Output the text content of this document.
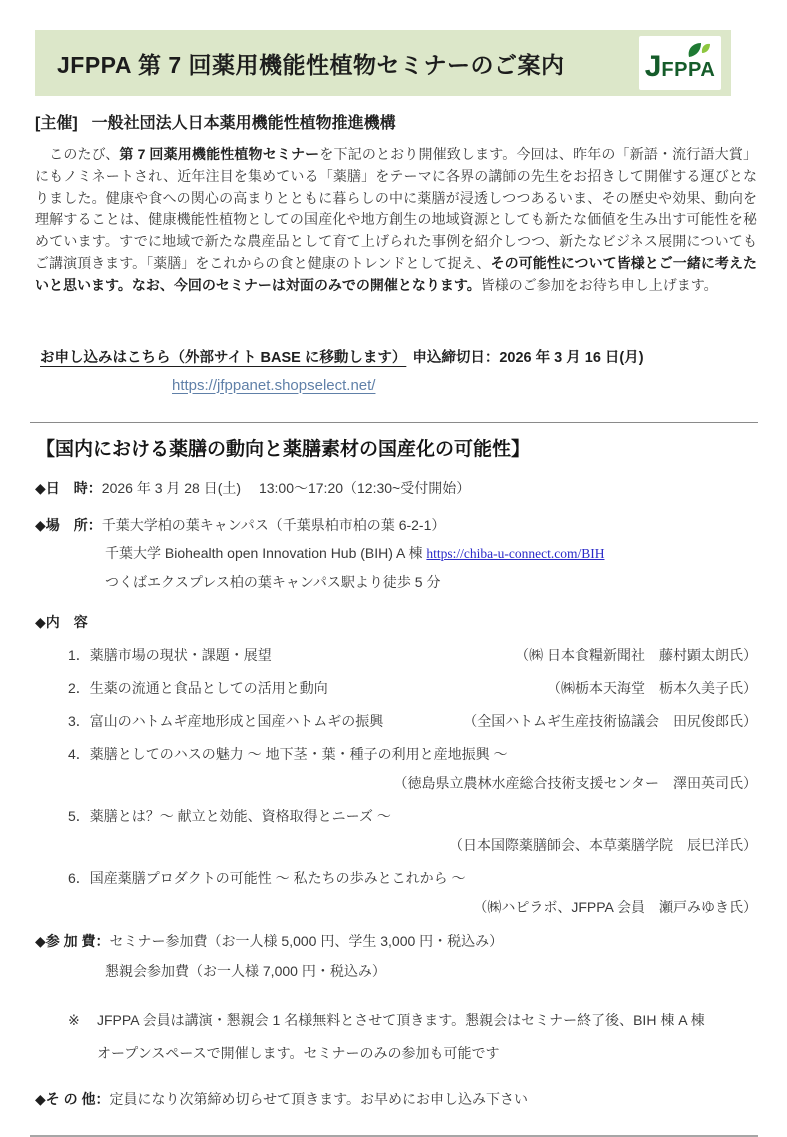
JFPPA 第 7 回薬用機能性植物セミナーのご案内	JFPPA
[主催] 一般社団法人日本薬用機能性植物推進機構

　このたび、第 7 回薬用機能性植物セミナーを下記のとおり開催致します。今回は、昨年の「新語・流行語大賞」にもノミネートされ、近年注目を集めている「薬膳」をテーマに各界の講師の先生をお招きして開催する運びとなりました。健康や食への関心の高まりとともに暮らしの中に薬膳が浸透しつつあるいま、その歴史や効果、動向を理解することは、健康機能性植物としての国産化や地方創生の地域資源としても新たな価値を生み出す可能性を秘めています。すでに地域で新たな農産品として育て上げられた事例を紹介しつつ、新たなビジネス展開についてもご講演頂きます。「薬膳」をこれからの食と健康のトレンドとして捉え、その可能性について皆様とご一緒に考えたいと思います。なお、今回のセミナーは対面のみでの開催となります。皆様のご参加をお待ち申し上げます。

お申し込みはこちら（外部サイト BASE に移動します） 申込締切日：2026 年 3 月 16 日(月)
https://jfppanet.shopselect.net/
【国内における薬膳の動向と薬膳素材の国産化の可能性】
◆日　時：2026 年 3 月 28 日(土)　 13:00～17:20（12:30~受付開始）
◆場　所：千葉大学柏の葉キャンパス（千葉県柏市柏の葉 6-2-1）
千葉大学 Biohealth open Innovation Hub (BIH) A 棟 https://chiba-u-connect.com/BIH
つくばエクスプレス柏の葉キャンパス駅より徒歩 5 分
◆内　容
1．薬膳市場の現状・課題・展望	（㈱ 日本食糧新聞社　藤村顕太朗氏）
2．生薬の流通と食品としての活用と動向	（㈱栃本天海堂　栃本久美子氏）
3．富山のハトムギ産地形成と国産ハトムギの振興	（全国ハトムギ生産技術協議会　田尻俊郎氏）
4．薬膳としてのハスの魅力 ～ 地下茎・葉・種子の利用と産地振興 ～
（徳島県立農林水産総合技術支援センター　澤田英司氏）
5．薬膳とは？～ 献立と効能、資格取得とニーズ ～
（日本国際薬膳師会、本草薬膳学院　辰巳洋氏）
6．国産薬膳プロダクトの可能性 ～ 私たちの歩みとこれから ～
（㈱ハピラボ、JFPPA 会員　瀬戸みゆき氏）
◆参 加 費：セミナー参加費（お一人様 5,000 円、学生 3,000 円・税込み）
懇親会参加費（お一人様 7,000 円・税込み）
※	JFPPA 会員は講演・懇親会 1 名様無料とさせて頂きます。懇親会はセミナー終了後、BIH 棟 A 棟
オープンスペースで開催します。セミナーのみの参加も可能です
◆そ の 他：定員になり次第締め切らせて頂きます。お早めにお申し込み下さい
